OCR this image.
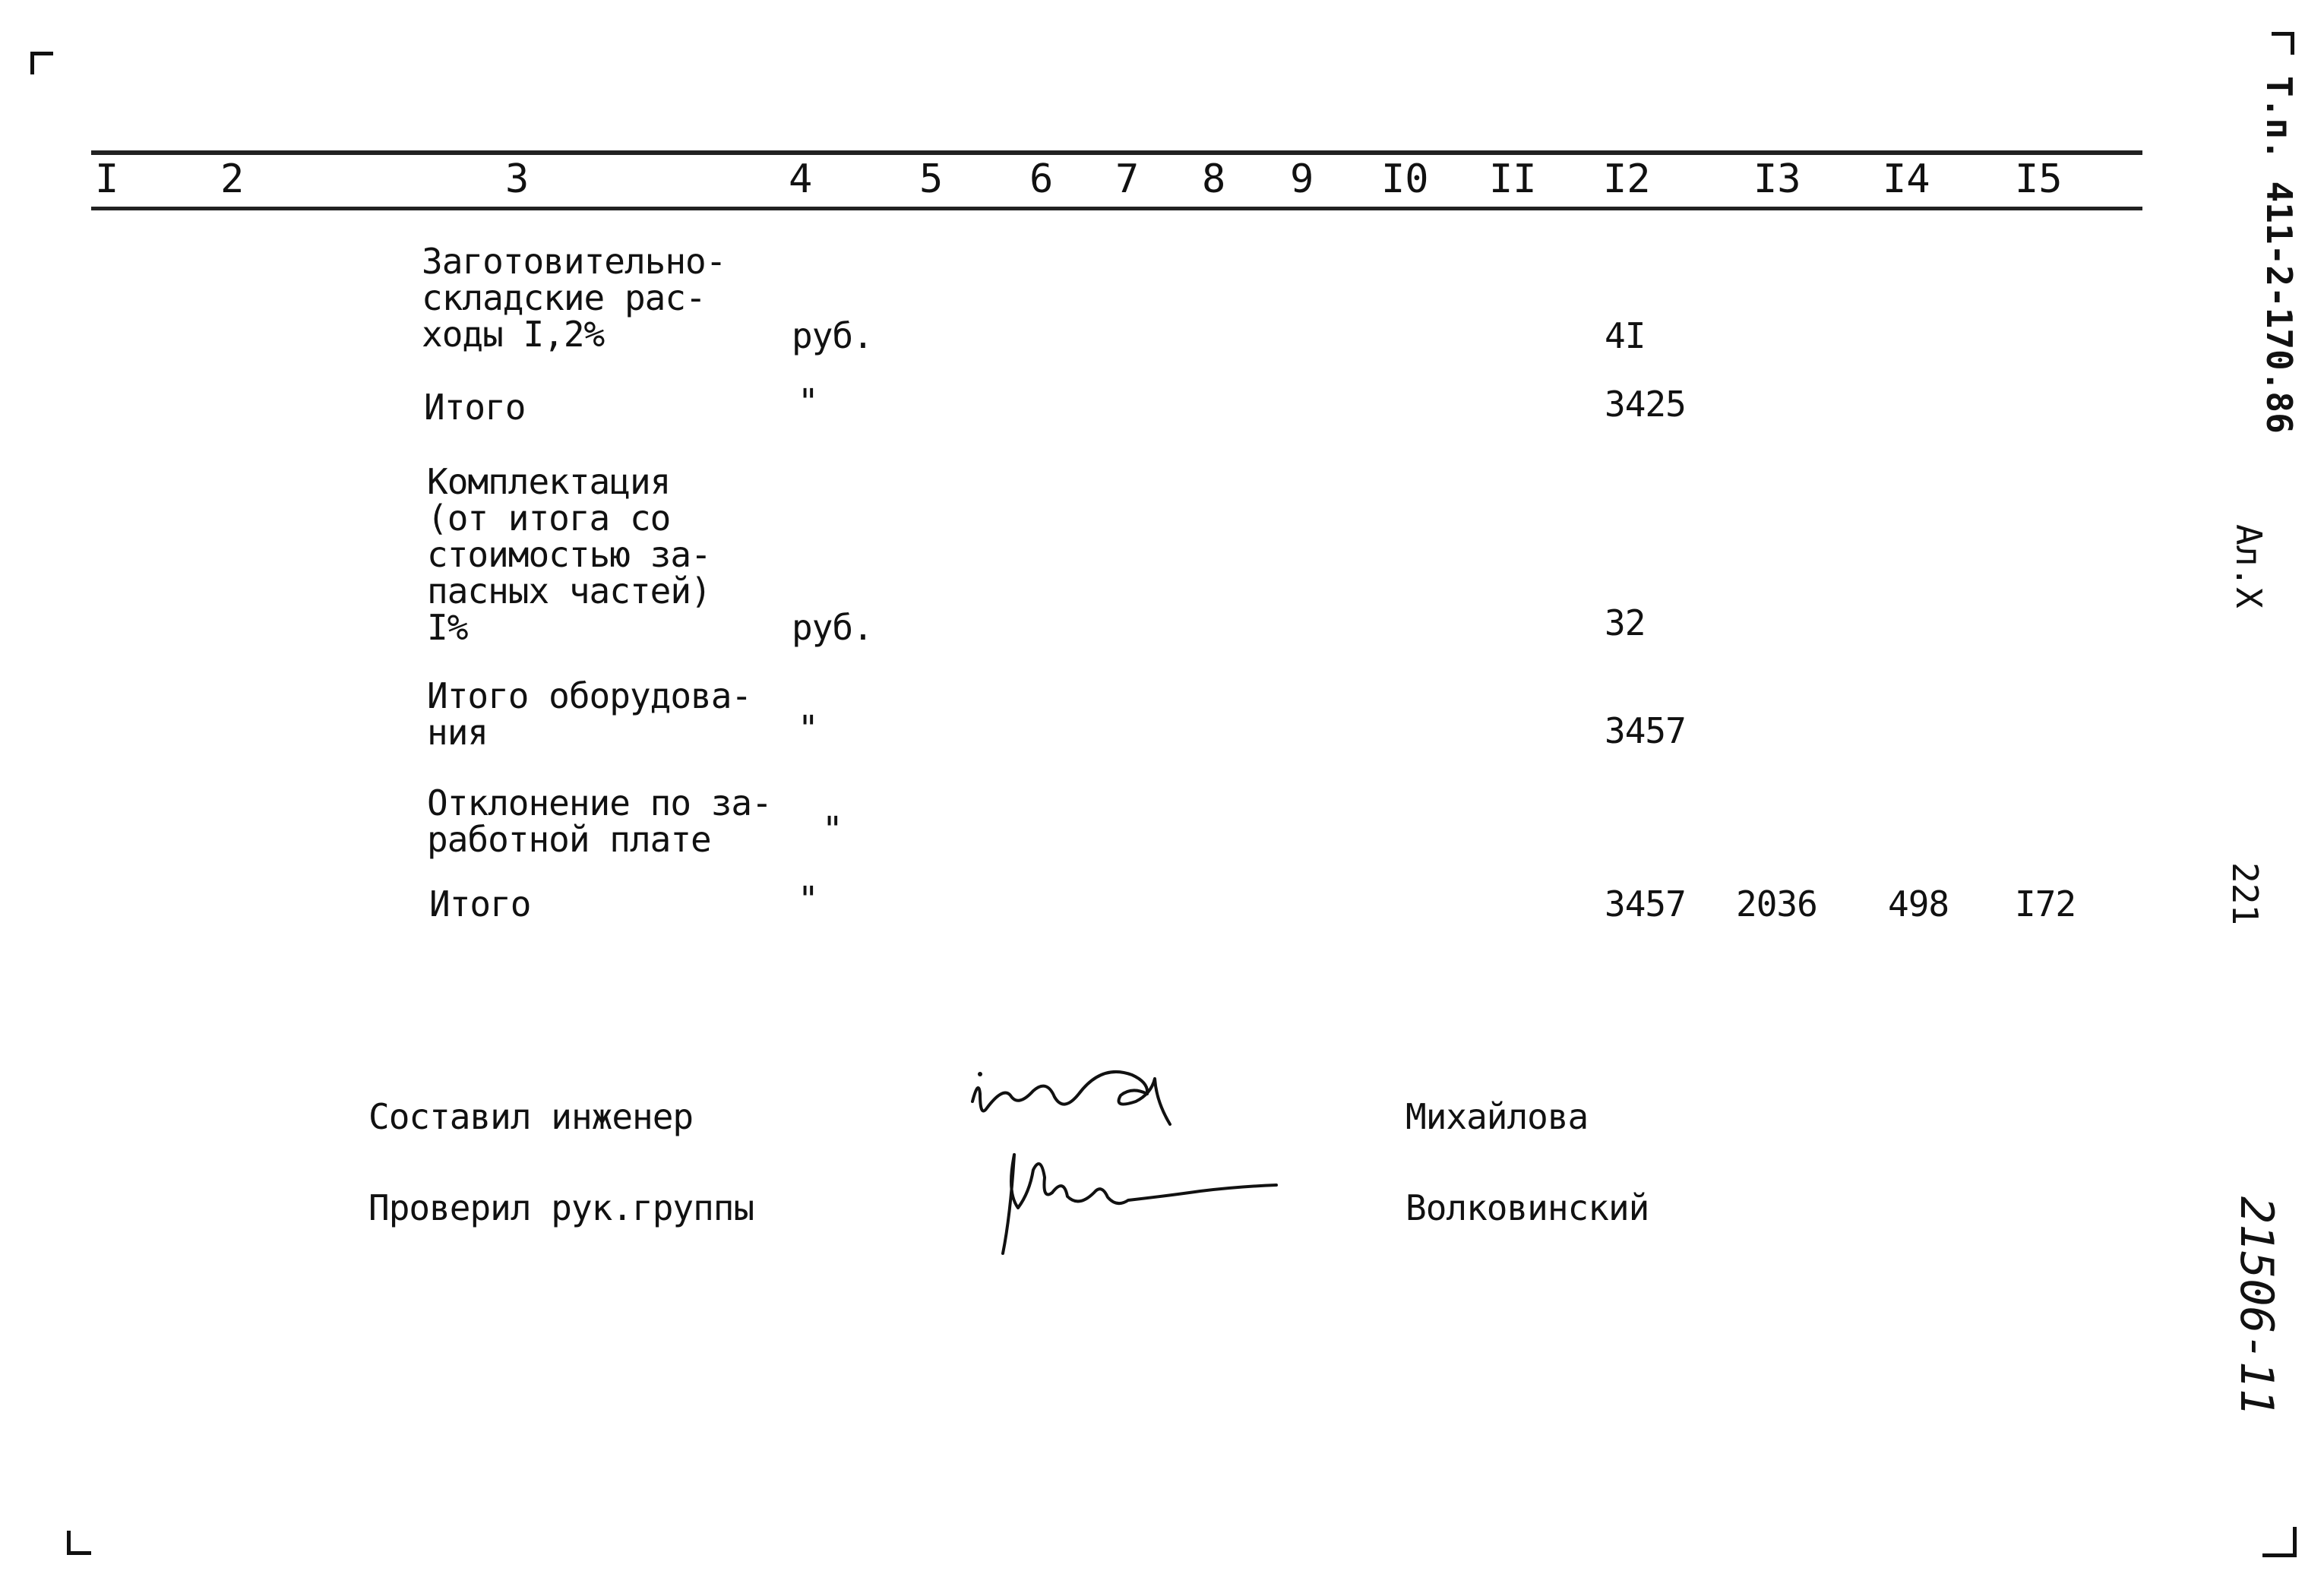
I	2	3	4	5 6 7 8 9 I0 II I2	I3 I4 I5
Заготовительно-
складские рас-
ходы I,2%	руб.	4I
Итого	"	3425
Комплектация
(от итога со
стоимостью за-
пасных частей)
I%	руб.	32
Итого оборудова-
ния	"	3457
Отклонение по за-
работной плате	"
Итого	"	3457 2036 498 I72
Составил инженер	Михайлова
Проверил рук.группы	Волковинский
Т.п. 411-2-170.86
Ал.Х
221
21506-11
